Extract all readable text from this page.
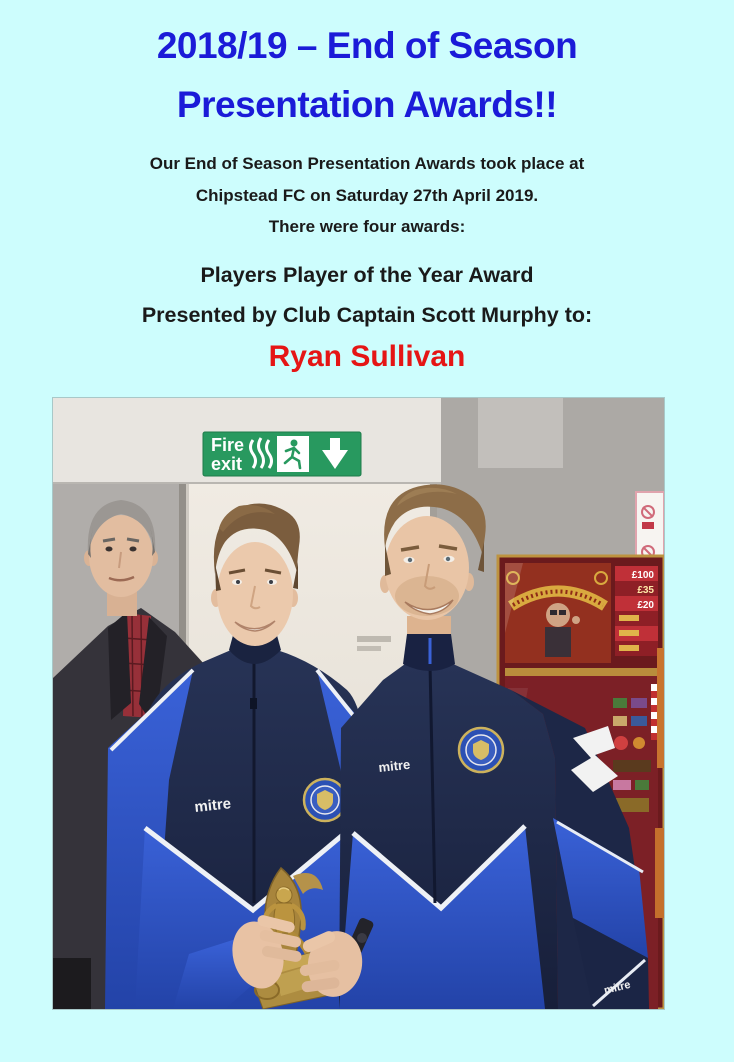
2018/19 – End of Season
Presentation Awards!!
Our End of Season Presentation Awards took place at
Chipstead FC on Saturday 27th April 2019.
There were four awards:
Players Player of the Year Award
Presented by Club Captain Scott Murphy to:
Ryan Sullivan
Fire
exit
£100
£35
£20
mitre
mitre
mitre
